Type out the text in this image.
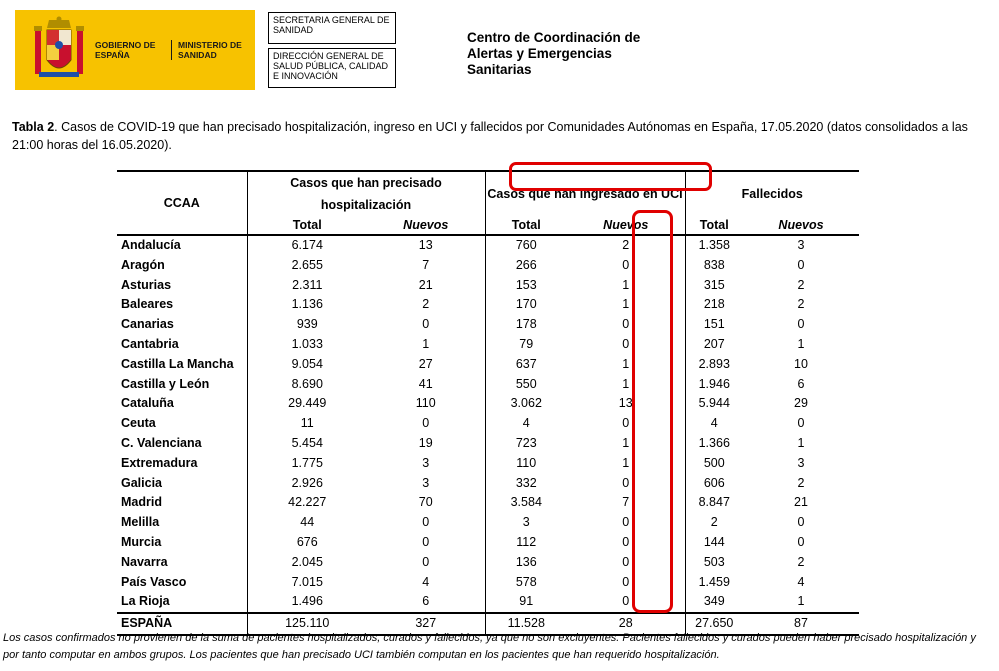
GOBIERNO DE ESPAÑA
MINISTERIO DE SANIDAD
SECRETARIA GENERAL DE SANIDAD
DIRECCIÓN GENERAL DE SALUD PÚBLICA, CALIDAD E INNOVACIÓN
Centro de Coordinación de Alertas y Emergencias Sanitarias
Tabla 2. Casos de COVID-19 que han precisado hospitalización, ingreso en UCI y fallecidos por Comunidades Autónomas en España, 17.05.2020 (datos consolidados a las 21:00 horas del 16.05.2020).
CCAA	Casos que han precisado hospitalización		Casos que han ingresado en UCI		Fallecidos	
	Total	Nuevos	Total	Nuevos	Total	Nuevos
Andalucía	6.174	13	760	2	1.358	3
Aragón	2.655	7	266	0	838	0
Asturias	2.311	21	153	1	315	2
Baleares	1.136	2	170	1	218	2
Canarias	939	0	178	0	151	0
Cantabria	1.033	1	79	0	207	1
Castilla La Mancha	9.054	27	637	1	2.893	10
Castilla y León	8.690	41	550	1	1.946	6
Cataluña	29.449	110	3.062	13	5.944	29
Ceuta	11	0	4	0	4	0
C. Valenciana	5.454	19	723	1	1.366	1
Extremadura	1.775	3	110	1	500	3
Galicia	2.926	3	332	0	606	2
Madrid	42.227	70	3.584	7	8.847	21
Melilla	44	0	3	0	2	0
Murcia	676	0	112	0	144	0
Navarra	2.045	0	136	0	503	2
País Vasco	7.015	4	578	0	1.459	4
La Rioja	1.496	6	91	0	349	1
ESPAÑA	125.110	327	11.528	28	27.650	87
Los casos confirmados no provienen de la suma de pacientes hospitalizados, curados y fallecidos, ya que no son excluyentes. Pacientes fallecidos y curados pueden haber precisado hospitalización y por tanto computar en ambos grupos. Los pacientes que han precisado UCI también computan en los pacientes que han requerido hospitalización.
